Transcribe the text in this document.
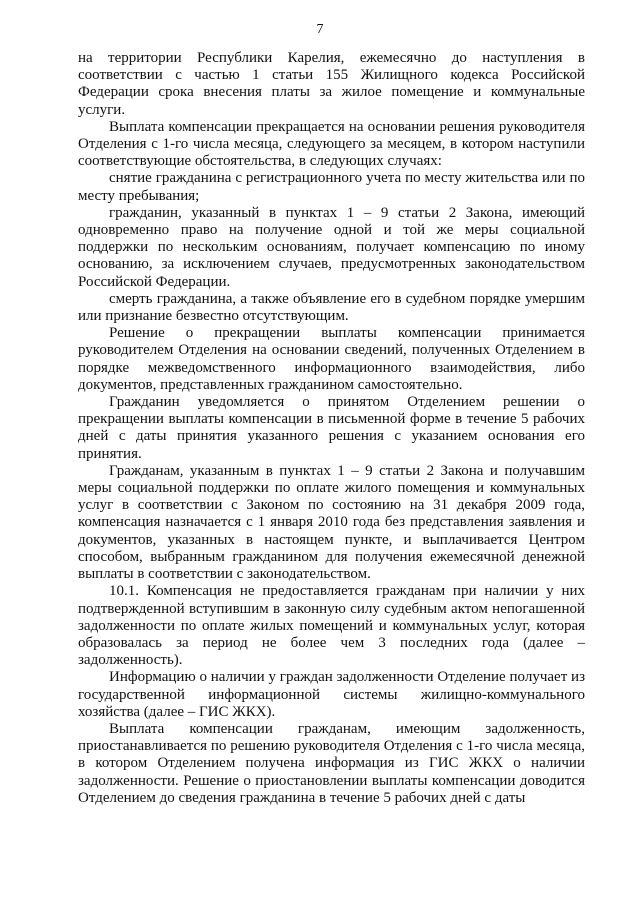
7

на территории Республики Карелия, ежемесячно до наступления в соответствии с частью 1 статьи 155 Жилищного кодекса Российской Федерации срока внесения платы за жилое помещение и коммунальные услуги.

Выплата компенсации прекращается на основании решения руководителя Отделения с 1-го числа месяца, следующего за месяцем, в котором наступили соответствующие обстоятельства, в следующих случаях:

снятие гражданина с регистрационного учета по месту жительства или по месту пребывания;

гражданин, указанный в пунктах 1 – 9 статьи 2 Закона, имеющий одновременно право на получение одной и той же меры социальной поддержки по нескольким основаниям, получает компенсацию по иному основанию, за исключением случаев, предусмотренных законодательством Российской Федерации.

смерть гражданина, а также объявление его в судебном порядке умершим или признание безвестно отсутствующим.

Решение о прекращении выплаты компенсации принимается руководителем Отделения на основании сведений, полученных Отделением в порядке межведомственного информационного взаимодействия, либо документов, представленных гражданином самостоятельно.

Гражданин уведомляется о принятом Отделением решении о прекращении выплаты компенсации в письменной форме в течение 5 рабочих дней с даты принятия указанного решения с указанием основания его принятия.

Гражданам, указанным в пунктах 1 – 9 статьи 2 Закона и получавшим меры социальной поддержки по оплате жилого помещения и коммунальных услуг в соответствии с Законом по состоянию на 31 декабря 2009 года, компенсация назначается с 1 января 2010 года без представления заявления и документов, указанных в настоящем пункте, и выплачивается Центром способом, выбранным гражданином для получения ежемесячной денежной выплаты в соответствии с законодательством.

10.1. Компенсация не предоставляется гражданам при наличии у них подтвержденной вступившим в законную силу судебным актом непогашенной задолженности по оплате жилых помещений и коммунальных услуг, которая образовалась за период не более чем 3 последних года (далее – задолженность).

Информацию о наличии у граждан задолженности Отделение получает из государственной информационной системы жилищно-коммунального хозяйства (далее – ГИС ЖКХ).

Выплата компенсации гражданам, имеющим задолженность, приостанавливается по решению руководителя Отделения с 1-го числа месяца, в котором Отделением получена информация из ГИС ЖКХ о наличии задолженности. Решение о приостановлении выплаты компенсации доводится Отделением до сведения гражданина в течение 5 рабочих дней с даты
